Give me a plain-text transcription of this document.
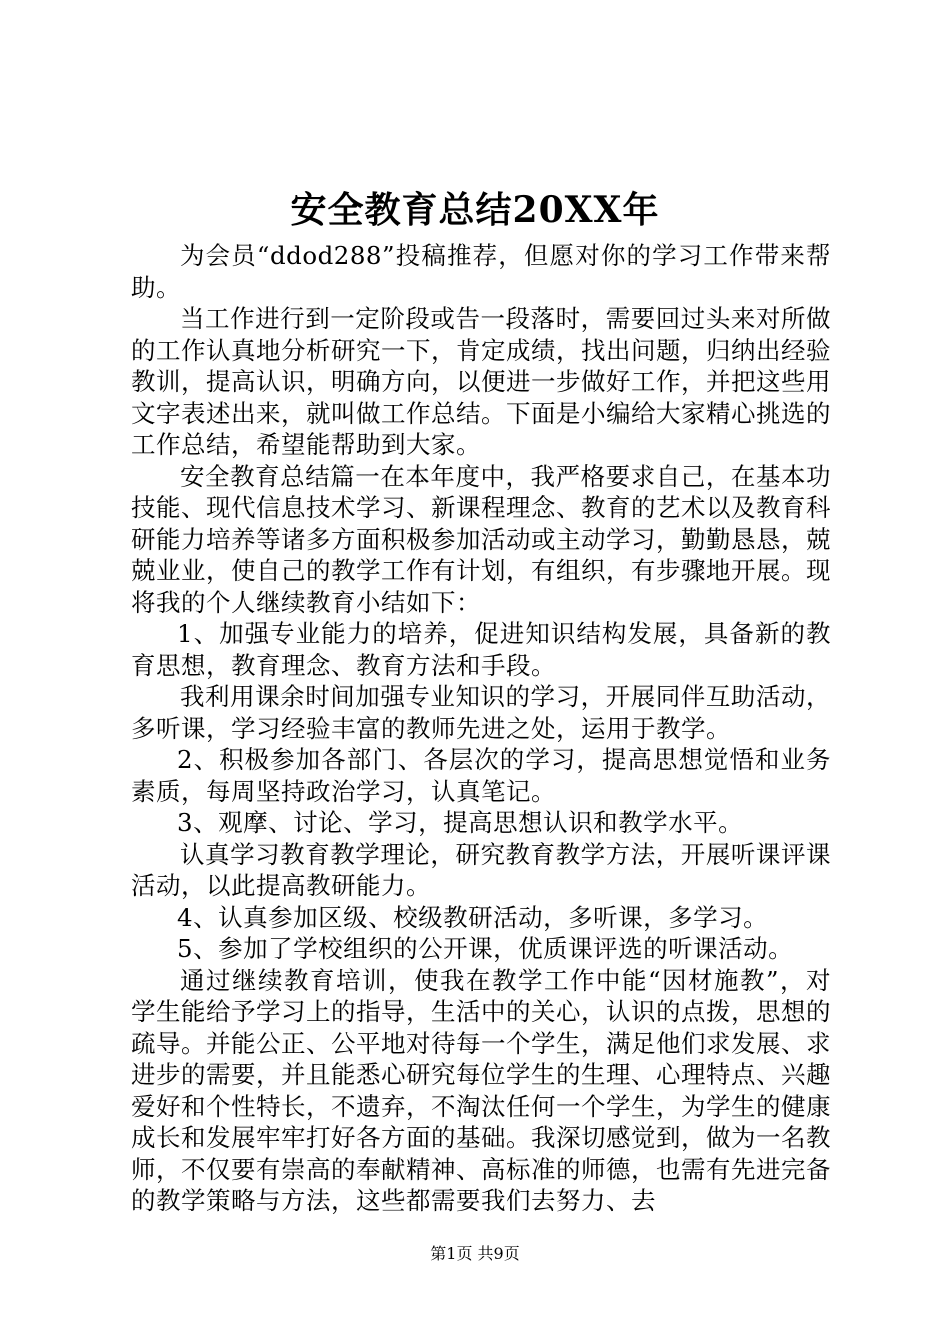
安全教育总结20XX年

为会员“ddod288”投稿推荐，但愿对你的学习工作带来帮助。

当工作进行到一定阶段或告一段落时，需要回过头来对所做的工作认真地分析研究一下，肯定成绩，找出问题，归纳出经验教训，提高认识，明确方向，以便进一步做好工作，并把这些用文字表述出来，就叫做工作总结。下面是小编给大家精心挑选的工作总结，希望能帮助到大家。

安全教育总结篇一在本年度中，我严格要求自己，在基本功技能、现代信息技术学习、新课程理念、教育的艺术以及教育科研能力培养等诸多方面积极参加活动或主动学习，勤勤恳恳，兢兢业业，使自己的教学工作有计划，有组织，有步骤地开展。现将我的个人继续教育小结如下：

1、加强专业能力的培养，促进知识结构发展，具备新的教育思想，教育理念、教育方法和手段。

我利用课余时间加强专业知识的学习，开展同伴互助活动，多听课，学习经验丰富的教师先进之处，运用于教学。

2、积极参加各部门、各层次的学习，提高思想觉悟和业务素质，每周坚持政治学习，认真笔记。

3、观摩、讨论、学习，提高思想认识和教学水平。

认真学习教育教学理论，研究教育教学方法，开展听课评课活动，以此提高教研能力。

4、认真参加区级、校级教研活动，多听课，多学习。

5、参加了学校组织的公开课，优质课评选的听课活动。

通过继续教育培训，使我在教学工作中能“因材施教”，对学生能给予学习上的指导，生活中的关心，认识的点拨，思想的疏导。并能公正、公平地对待每一个学生，满足他们求发展、求进步的需要，并且能悉心研究每位学生的生理、心理特点、兴趣爱好和个性特长，不遗弃，不淘汰任何一个学生，为学生的健康成长和发展牢牢打好各方面的基础。我深切感觉到，做为一名教师，不仅要有崇高的奉献精神、高标准的师德，也需有先进完备的教学策略与方法，这些都需要我们去努力、去

第1页 共9页
